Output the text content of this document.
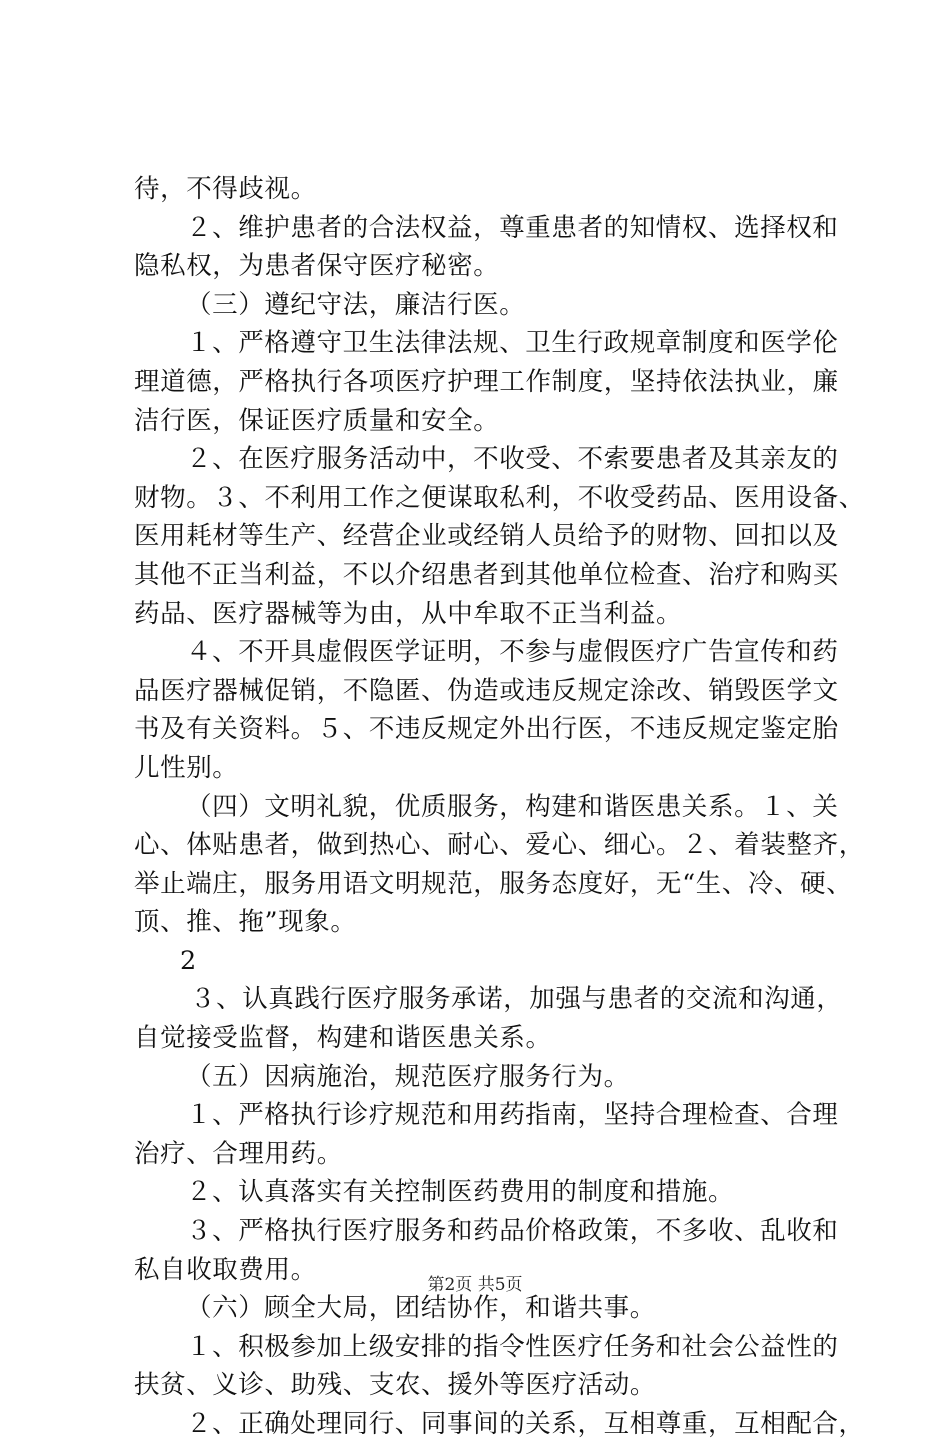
待，不得歧视。
２、维护患者的合法权益，尊重患者的知情权、选择权和
隐私权，为患者保守医疗秘密。
（三）遵纪守法，廉洁行医。
１、严格遵守卫生法律法规、卫生行政规章制度和医学伦
理道德，严格执行各项医疗护理工作制度，坚持依法执业，廉
洁行医，保证医疗质量和安全。
２、在医疗服务活动中，不收受、不索要患者及其亲友的
财物。３、不利用工作之便谋取私利，不收受药品、医用设备、
医用耗材等生产、经营企业或经销人员给予的财物、回扣以及
其他不正当利益，不以介绍患者到其他单位检查、治疗和购买
药品、医疗器械等为由，从中牟取不正当利益。
４、不开具虚假医学证明，不参与虚假医疗广告宣传和药
品医疗器械促销，不隐匿、伪造或违反规定涂改、销毁医学文
书及有关资料。５、不违反规定外出行医，不违反规定鉴定胎
儿性别。
（四）文明礼貌，优质服务，构建和谐医患关系。１、关
心、体贴患者，做到热心、耐心、爱心、细心。２、着装整齐，
举止端庄，服务用语文明规范，服务态度好，无“生、冷、硬、
顶、推、拖”现象。
2
３、认真践行医疗服务承诺，加强与患者的交流和沟通，
自觉接受监督，构建和谐医患关系。
（五）因病施治，规范医疗服务行为。
１、严格执行诊疗规范和用药指南，坚持合理检查、合理
治疗、合理用药。
２、认真落实有关控制医药费用的制度和措施。
３、严格执行医疗服务和药品价格政策，不多收、乱收和
私自收取费用。
（六）顾全大局，团结协作，和谐共事。
１、积极参加上级安排的指令性医疗任务和社会公益性的
扶贫、义诊、助残、支农、援外等医疗活动。
２、正确处理同行、同事间的关系，互相尊重，互相配合，
第2页 共5页
